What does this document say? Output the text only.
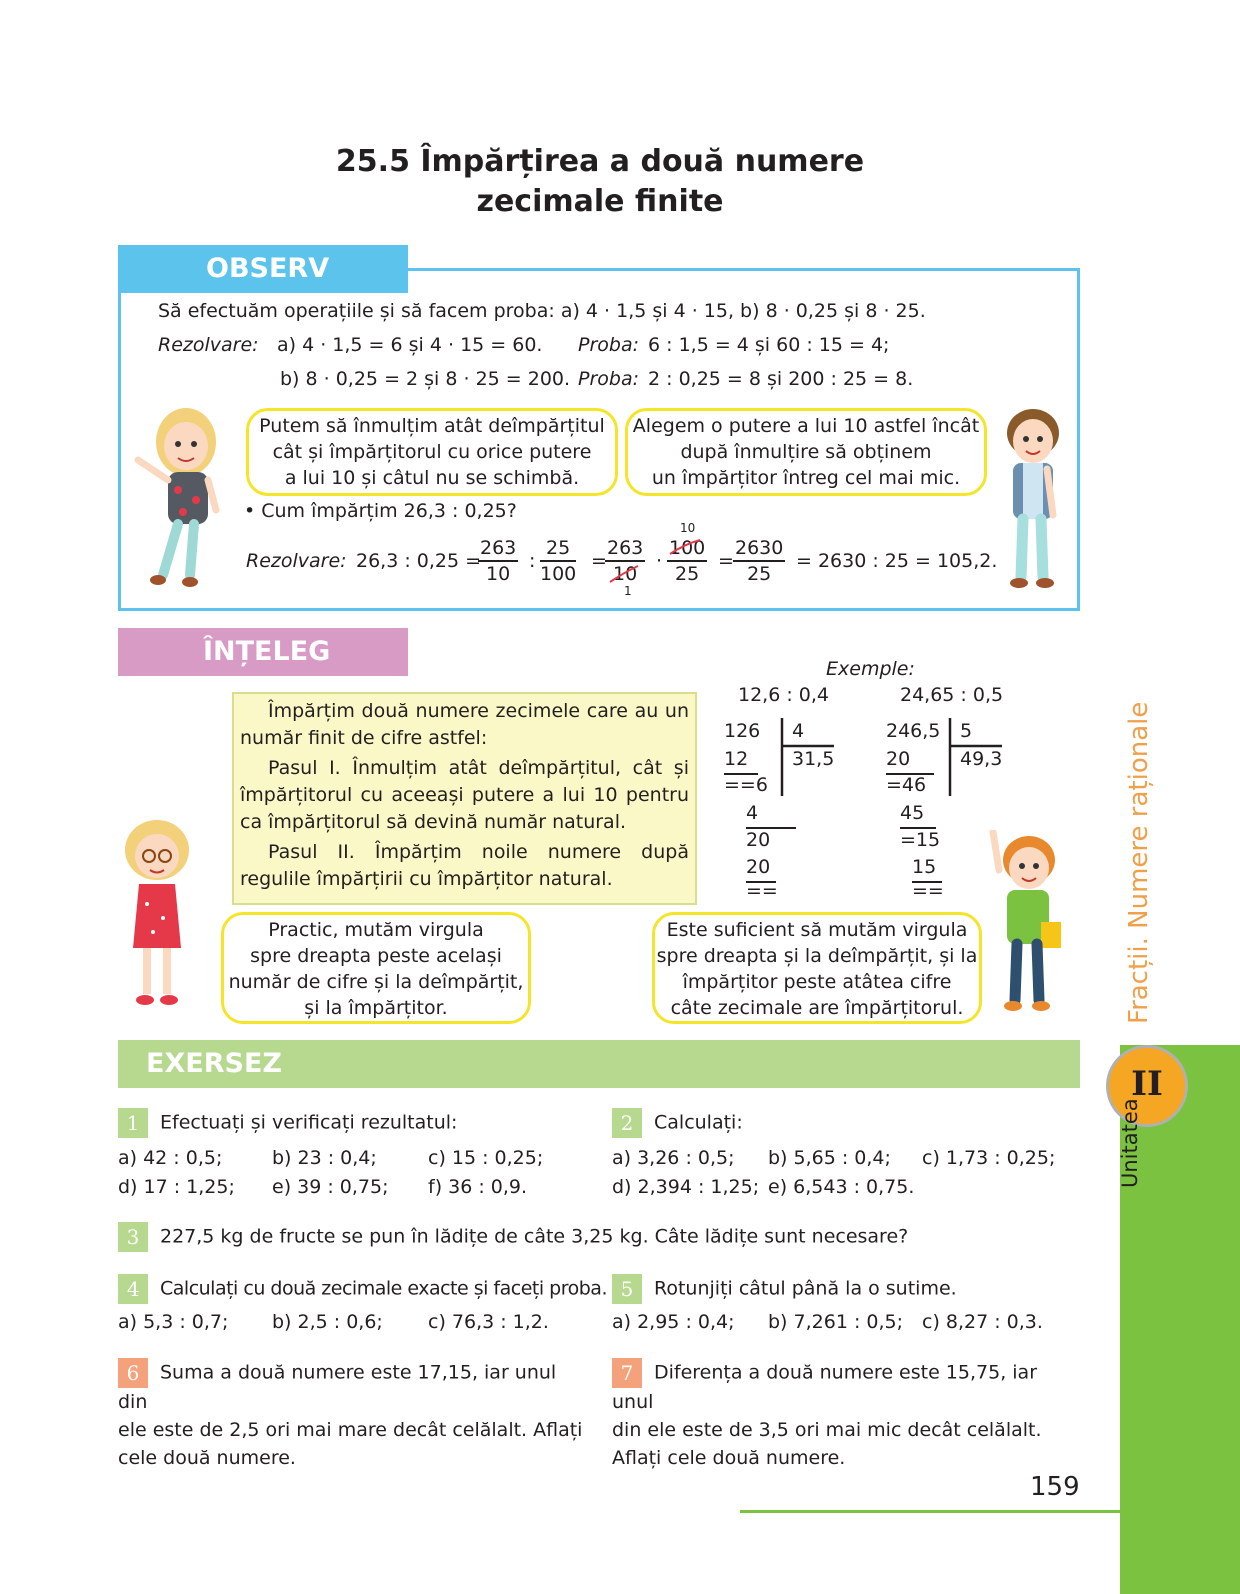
25.5 Împărțirea a două numere
zecimale finite
OBSERV
Să efectuăm operațiile și să facem proba: a) 4 · 1,5 și 4 · 15, b) 8 · 0,25 și 8 · 25.
Rezolvare: a) 4 · 1,5 = 6 și 4 · 15 = 60. Proba: 6 : 1,5 = 4 și 60 : 15 = 4;
b) 8 · 0,25 = 2 și 8 · 25 = 200. Proba: 2 : 0,25 = 8 și 200 : 25 = 8.
Putem să înmulțim atât deîmpărțitul
cât și împărțitorul cu orice putere
a lui 10 și câtul nu se schimbă.
Alegem o putere a lui 10 astfel încât
după înmulțire să obținem
un împărțitor întreg cel mai mic.
• Cum împărțim 26,3 : 0,25?
Rezolvare: 26,3 : 0,25 =
$\frac{263}{10}$ : $\frac{25}{100}$ =
$\frac{263}{10} \cdot \frac{100}{25} = \frac{2630}{25} = 2630$ : 25 = 105,2.
10
1
ÎNȚELEG

Împărțim două numere zecimele care au un număr finit de cifre astfel:

Pasul I. Înmulțim atât deîmpărțitul, cât și împărțitorul cu aceeași putere a lui 10 pentru ca împărțitorul să devină număr natural.

Pasul II. Împărțim noile numere după regulile împărțirii cu împărțitor natural.

Exemple:
12,6 : 0,4	24,65 : 0,5
126 4
31,5
12
==6
4
20
20
==
246,5 5
49,3
20
=46
45
=15
15
==
Practic, mutăm virgula
spre dreapta peste același
număr de cifre și la deîmpărțit,
și la împărțitor.
Este suficient să mutăm virgula
spre dreapta și la deîmpărțit, și la
împărțitor peste atâtea cifre
câte zecimale are împărțitorul.
EXERSEZ
1 Efectuați și verificați rezultatul:
a) 42 : 0,5;	b) 23 : 0,4;	c) 15 : 0,25;
d) 17 : 1,25; e) 39 : 0,75; f) 36 : 0,9.
2 Calculați:
a) 3,26 : 0,5; b) 5,65 : 0,4; c) 1,73 : 0,25;
d) 2,394 : 1,25; e) 6,543 : 0,75.
3 227,5 kg de fructe se pun în lădițe de câte 3,25 kg. Câte lădițe sunt necesare?
4 Calculați cu două zecimale exacte și faceți proba.
a) 5,3 : 0,7; b) 2,5 : 0,6; c) 76,3 : 1,2.
5 Rotunjiți câtul până la o sutime.
a) 2,95 : 0,4; b) 7,261 : 0,5; c) 8,27 : 0,3.
6 Suma a două numere este 17,15, iar unul din
ele este de 2,5 ori mai mare decât celălalt. Aflați
cele două numere.
7 Diferența a două numere este 15,75, iar unul
din ele este de 3,5 ori mai mic decât celălalt.
Aflați cele două numere.
159
II
Unitatea
Fracții. Numere raționale
